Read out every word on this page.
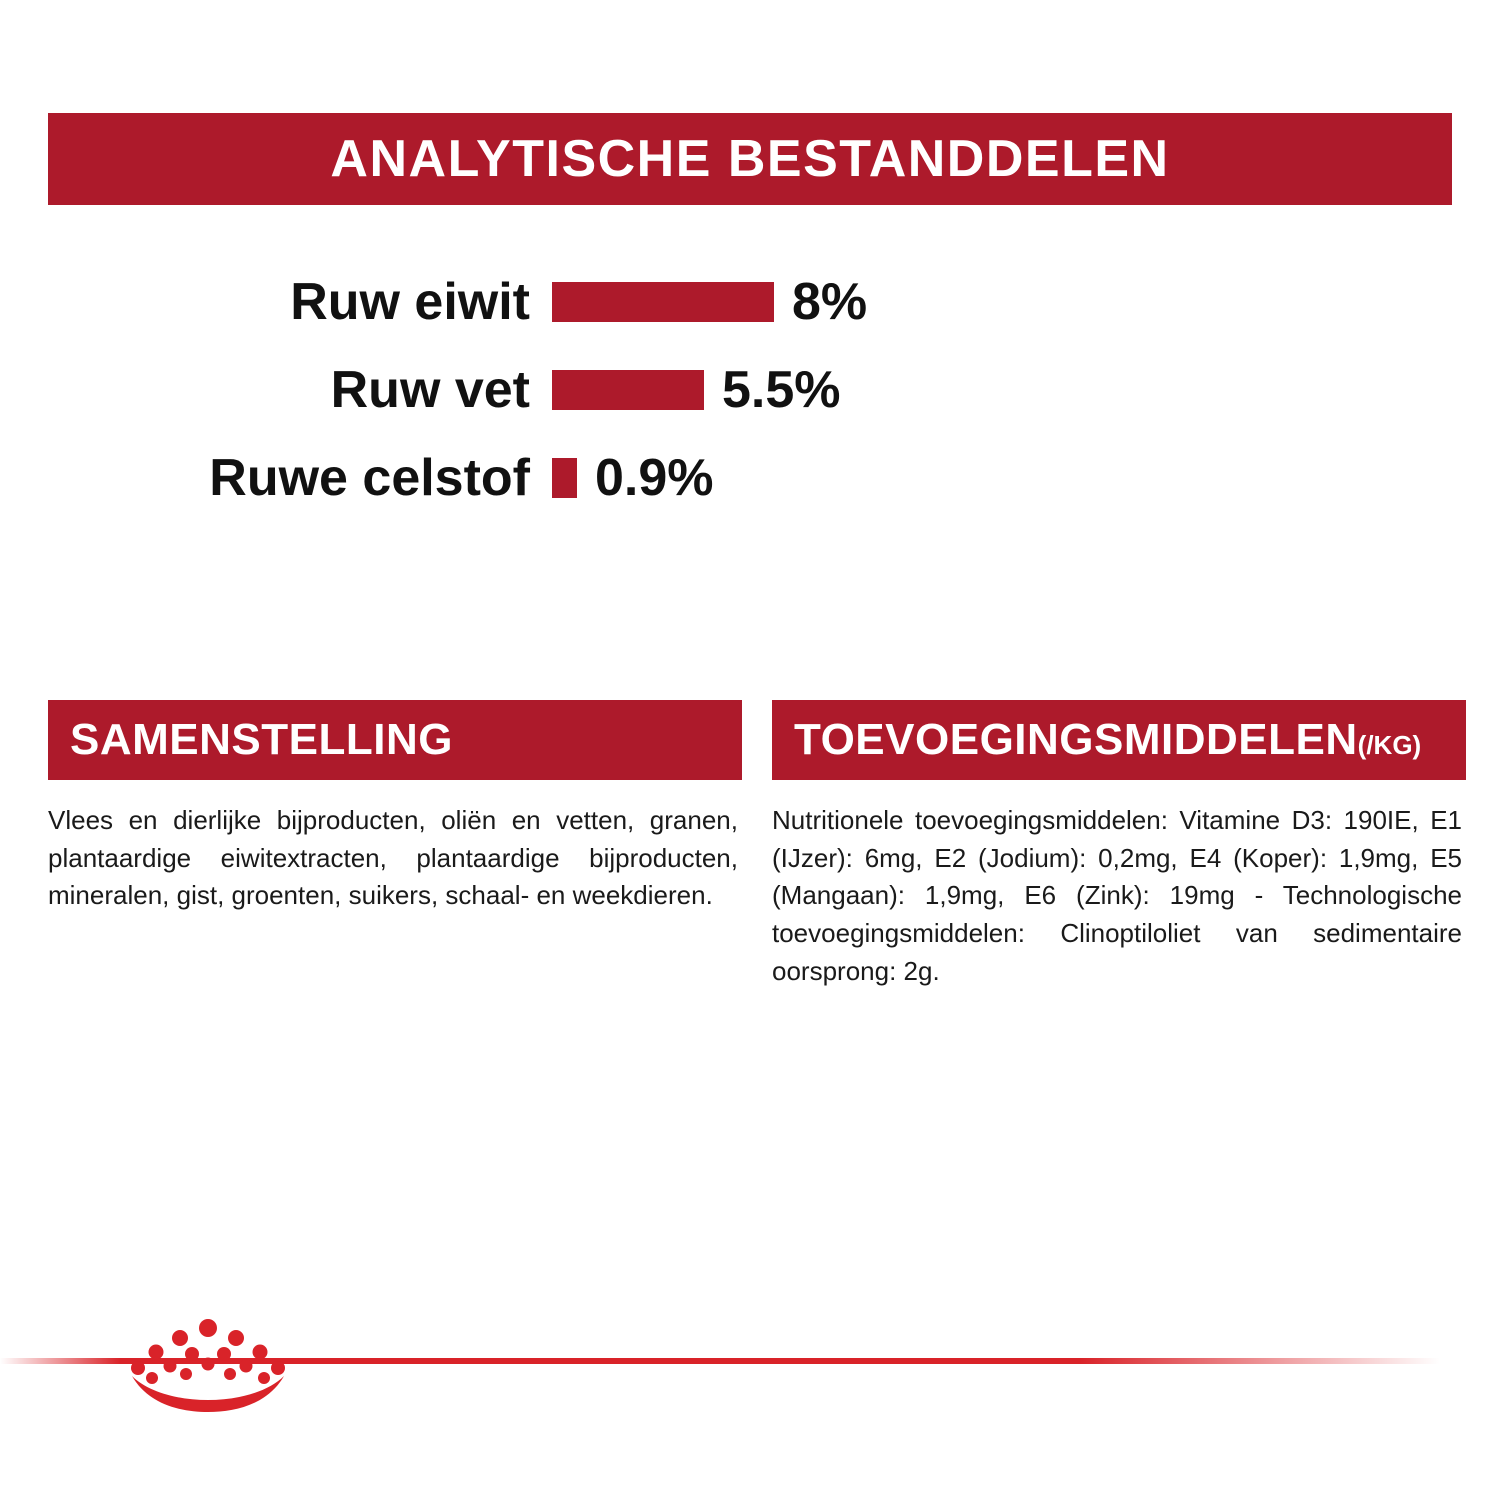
ANALYTISCHE BESTANDDELEN
Ruw eiwit	8%
Ruw vet	5.5%
Ruwe celstof	0.9%
SAMENSTELLING
Vlees en dierlijke bijproducten, oliën en vetten, granen, plantaardige eiwitextracten, plantaardige bijproducten, mineralen, gist, groenten, suikers, schaal- en weekdieren.
TOEVOEGINGSMIDDELEN(/KG)
Nutritionele toevoegingsmiddelen: Vitamine D3: 190IE, E1 (IJzer): 6mg, E2 (Jodium): 0,2mg, E4 (Koper): 1,9mg, E5 (Mangaan): 1,9mg, E6 (Zink): 19mg - Technologische toevoegingsmiddelen: Clinoptiloliet van sedimentaire oorsprong: 2g.
